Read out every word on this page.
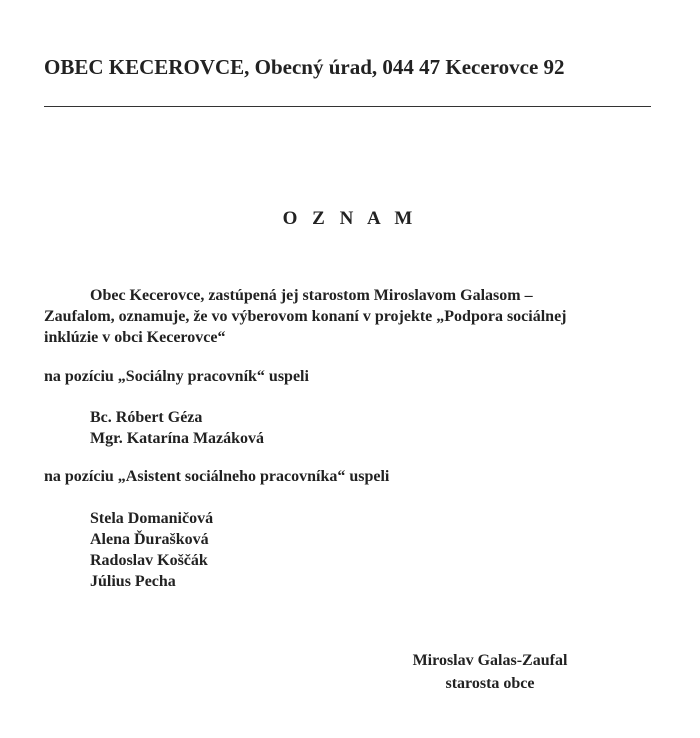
OBEC KECEROVCE, Obecný úrad, 044 47 Kecerovce 92
O Z N A M
Obec Kecerovce, zastúpená jej starostom Miroslavom Galasom –
Zaufalom, oznamuje, že vo výberovom konaní v projekte „Podpora sociálnej
inklúzie v obci Kecerovce“
na pozíciu „Sociálny pracovník“ uspeli
Bc. Róbert Géza
Mgr. Katarína Mazáková
na pozíciu „Asistent sociálneho pracovníka“ uspeli
Stela Domaničová
Alena Ďurašková
Radoslav Koščák
Július Pecha
Miroslav Galas-Zaufal
starosta obce
